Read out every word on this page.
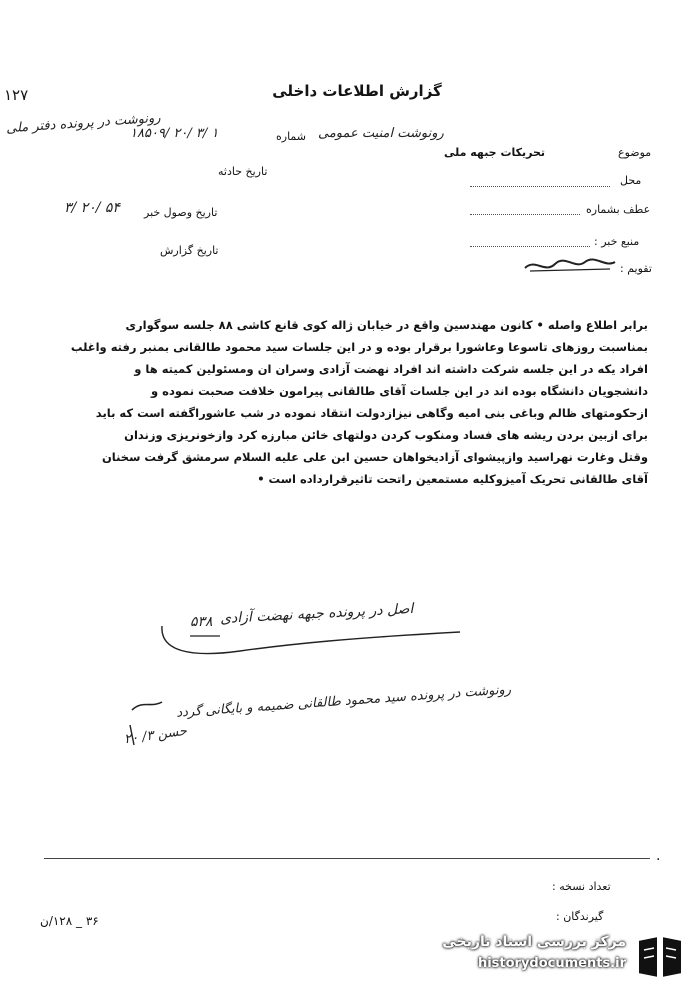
١٢٧	گزارش اطلاعات داخلی
رونوشت در پرونده دفتر ملی
شماره
۱۸۵۰۹/ ۲۰/ ۳/ ۱	رونوشت امنیت عمومی
موضوع
تحریکات جبهه ملی
محل
عطف بشماره
منبع خبر :
تقویم :
تاریخ حادثه
تاریخ وصول خبر
۳/ ۲۰/ ۵۴
تاریخ گزارش
برابر اطلاع واصله • کانون مهندسین واقع در خیابان ژاله کوی قانع کاشی ۸۸ جلسه سوگواری
بمناسبت روزهای تاسوعا وعاشورا برقرار بوده و در این جلسات سید محمود طالقانی بمنبر رفته واغلب
افراد یکه در این جلسه شرکت داشته اند افراد نهضت آزادی وسران ان ومسئولین کمیته ها و
دانشجویان دانشگاه بوده اند در این جلسات آقای طالقانی پیرامون خلافت صحبت نموده و
ازحکومتهای ظالم وباغی بنی امیه وگاهی نیزازدولت انتقاد نموده در شب عاشوراگفته است که باید
برای ازبین بردن ریشه های فساد ومنکوب کردن دولتهای خائن مبارزه کرد وازخونریزی وزندان
وقتل وغارت نهراسید وازپیشوای آزادیخواهان حسین ابن علی علیه السلام سرمشق گرفت سخنان
آقای طالقانی تحریک آمیزوکلیه مستمعین راتحت تاثیرقرارداده است •
۵۳۸ اصل در پرونده جبهه نهضت آزادی
رونوشت در پرونده سید محمود طالقانی ضمیمه و بایگانی گردد
حسن ۳/ ۲۰
.
تعداد نسخه :
گیرندگان :
۳۶ _ ۱۲۸/ن
مرکز بررسی اسناد تاریخی
historydocuments.ir
